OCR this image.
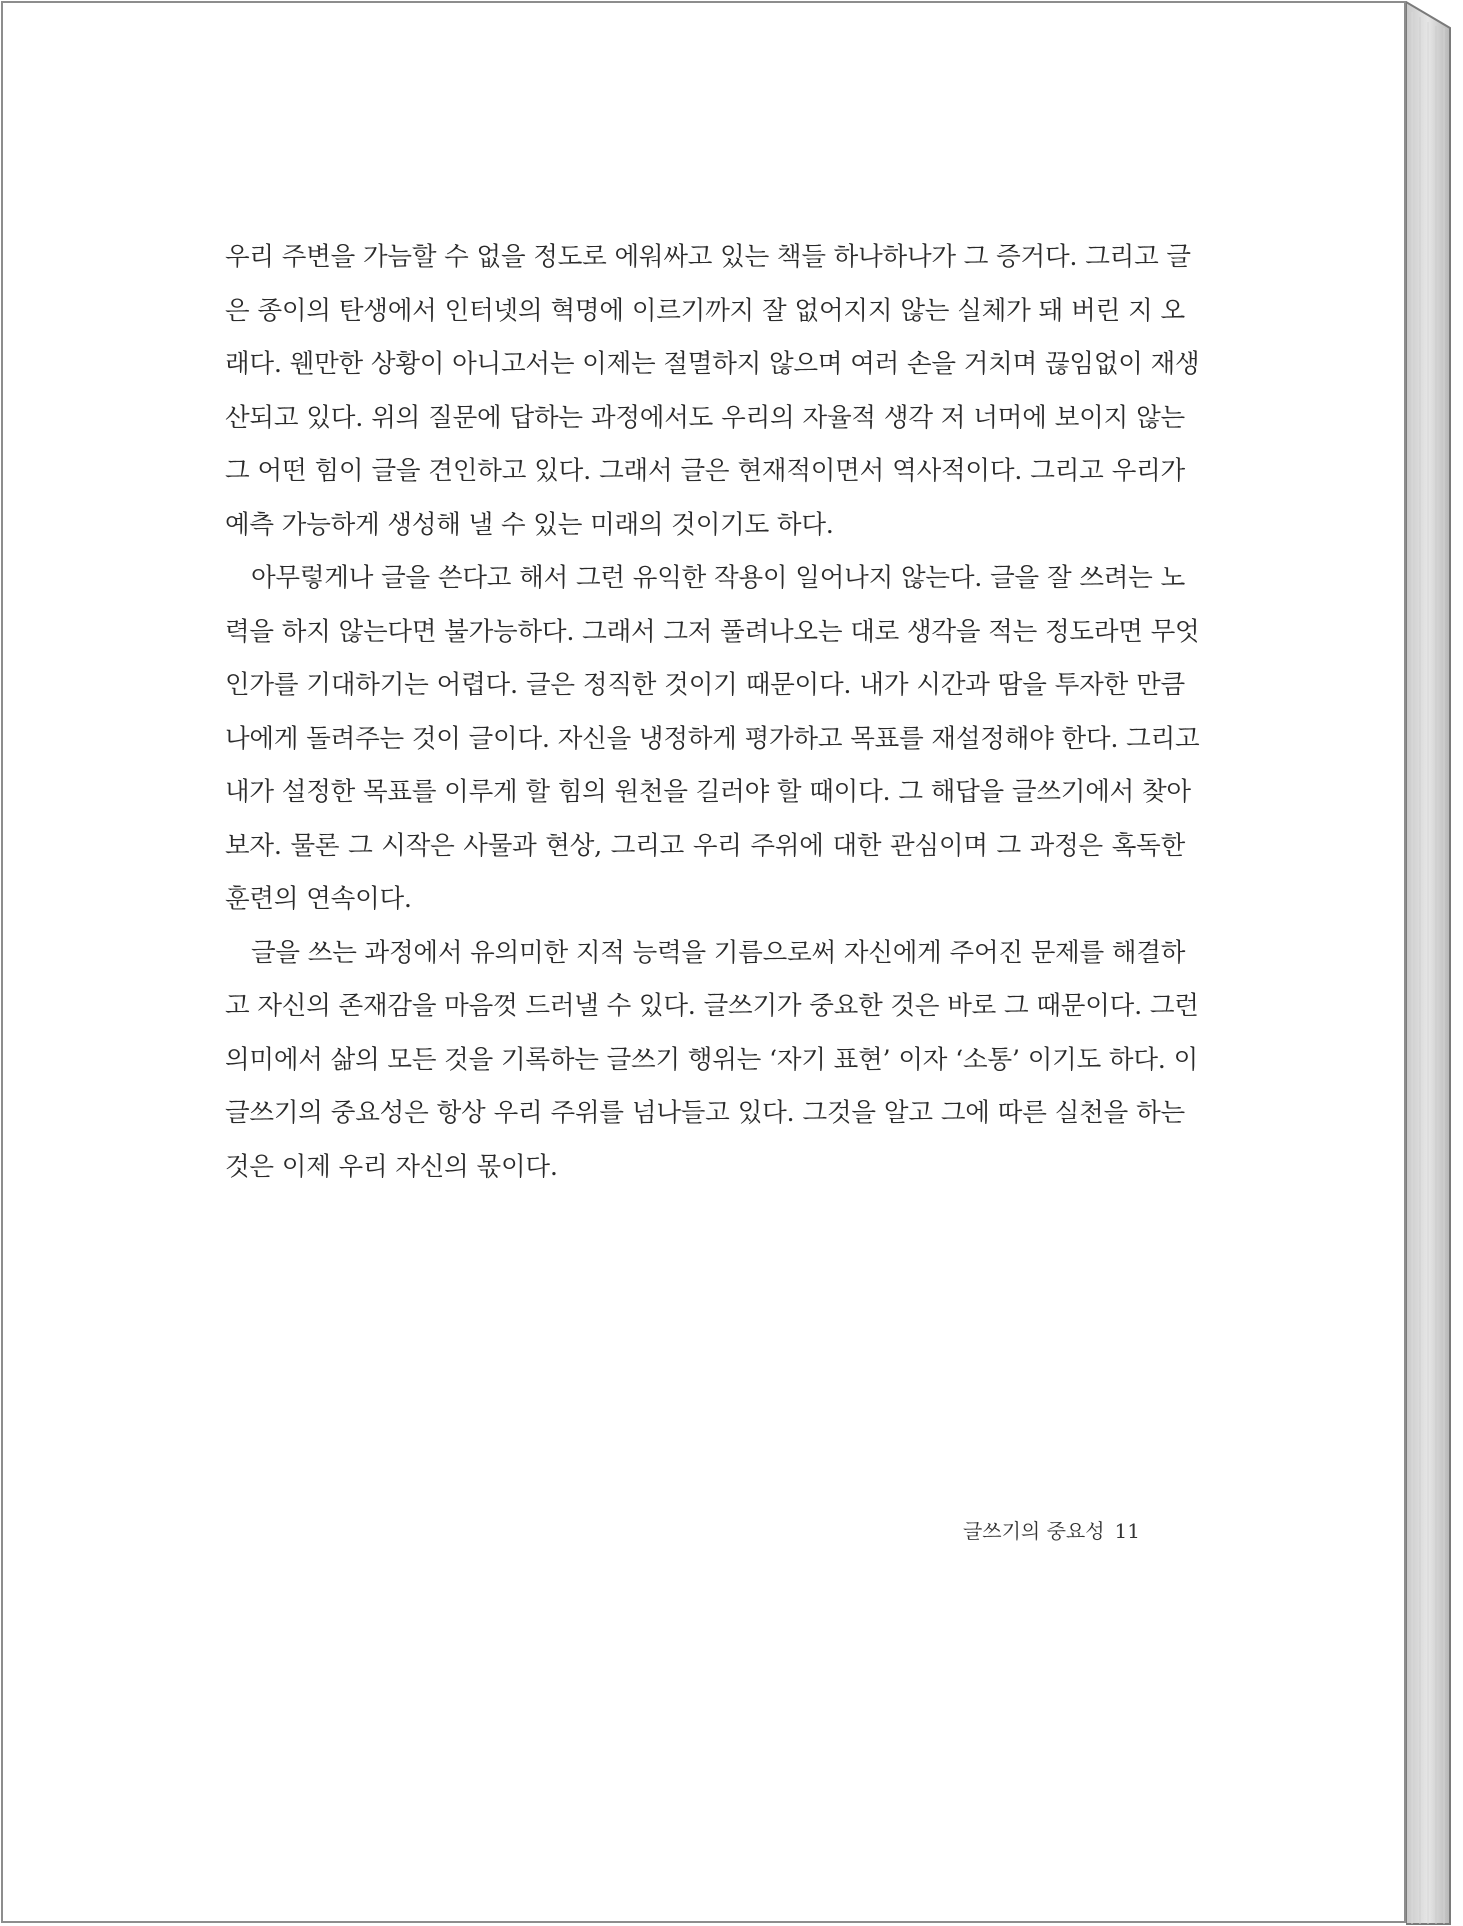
우리 주변을 가늠할 수 없을 정도로 에워싸고 있는 책들 하나하나가 그 증거다. 그리고 글
은 종이의 탄생에서 인터넷의 혁명에 이르기까지 잘 없어지지 않는 실체가 돼 버린 지 오
래다. 웬만한 상황이 아니고서는 이제는 절멸하지 않으며 여러 손을 거치며 끊임없이 재생
산되고 있다. 위의 질문에 답하는 과정에서도 우리의 자율적 생각 저 너머에 보이지 않는
그 어떤 힘이 글을 견인하고 있다. 그래서 글은 현재적이면서 역사적이다. 그리고 우리가
예측 가능하게 생성해 낼 수 있는 미래의 것이기도 하다.

아무렇게나 글을 쓴다고 해서 그런 유익한 작용이 일어나지 않는다. 글을 잘 쓰려는 노
력을 하지 않는다면 불가능하다. 그래서 그저 풀려나오는 대로 생각을 적는 정도라면 무엇
인가를 기대하기는 어렵다. 글은 정직한 것이기 때문이다. 내가 시간과 땀을 투자한 만큼
나에게 돌려주는 것이 글이다. 자신을 냉정하게 평가하고 목표를 재설정해야 한다. 그리고
내가 설정한 목표를 이루게 할 힘의 원천을 길러야 할 때이다. 그 해답을 글쓰기에서 찾아
보자. 물론 그 시작은 사물과 현상, 그리고 우리 주위에 대한 관심이며 그 과정은 혹독한
훈련의 연속이다.

글을 쓰는 과정에서 유의미한 지적 능력을 기름으로써 자신에게 주어진 문제를 해결하
고 자신의 존재감을 마음껏 드러낼 수 있다. 글쓰기가 중요한 것은 바로 그 때문이다. 그런
의미에서 삶의 모든 것을 기록하는 글쓰기 행위는 ‘자기 표현’ 이자 ‘소통’ 이기도 하다. 이
글쓰기의 중요성은 항상 우리 주위를 넘나들고 있다. 그것을 알고 그에 따른 실천을 하는
것은 이제 우리 자신의 몫이다.

글쓰기의 중요성 11
